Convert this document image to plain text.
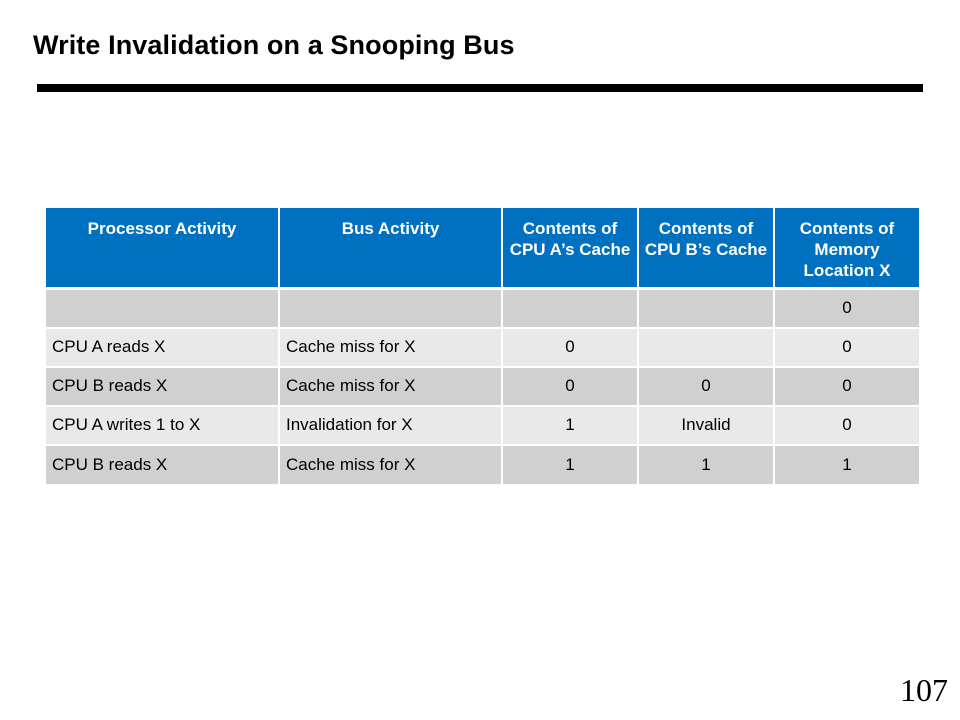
Write Invalidation on a Snooping Bus
Processor Activity	Bus Activity	Contents of CPU A’s Cache	Contents of CPU B’s Cache	Contents of Memory Location X
				0
CPU A reads X	Cache miss for X	0		0
CPU B reads X	Cache miss for X	0	0	0
CPU A writes 1 to X	Invalidation for X	1	Invalid	0
CPU B reads X	Cache miss for X	1	1	1
107
